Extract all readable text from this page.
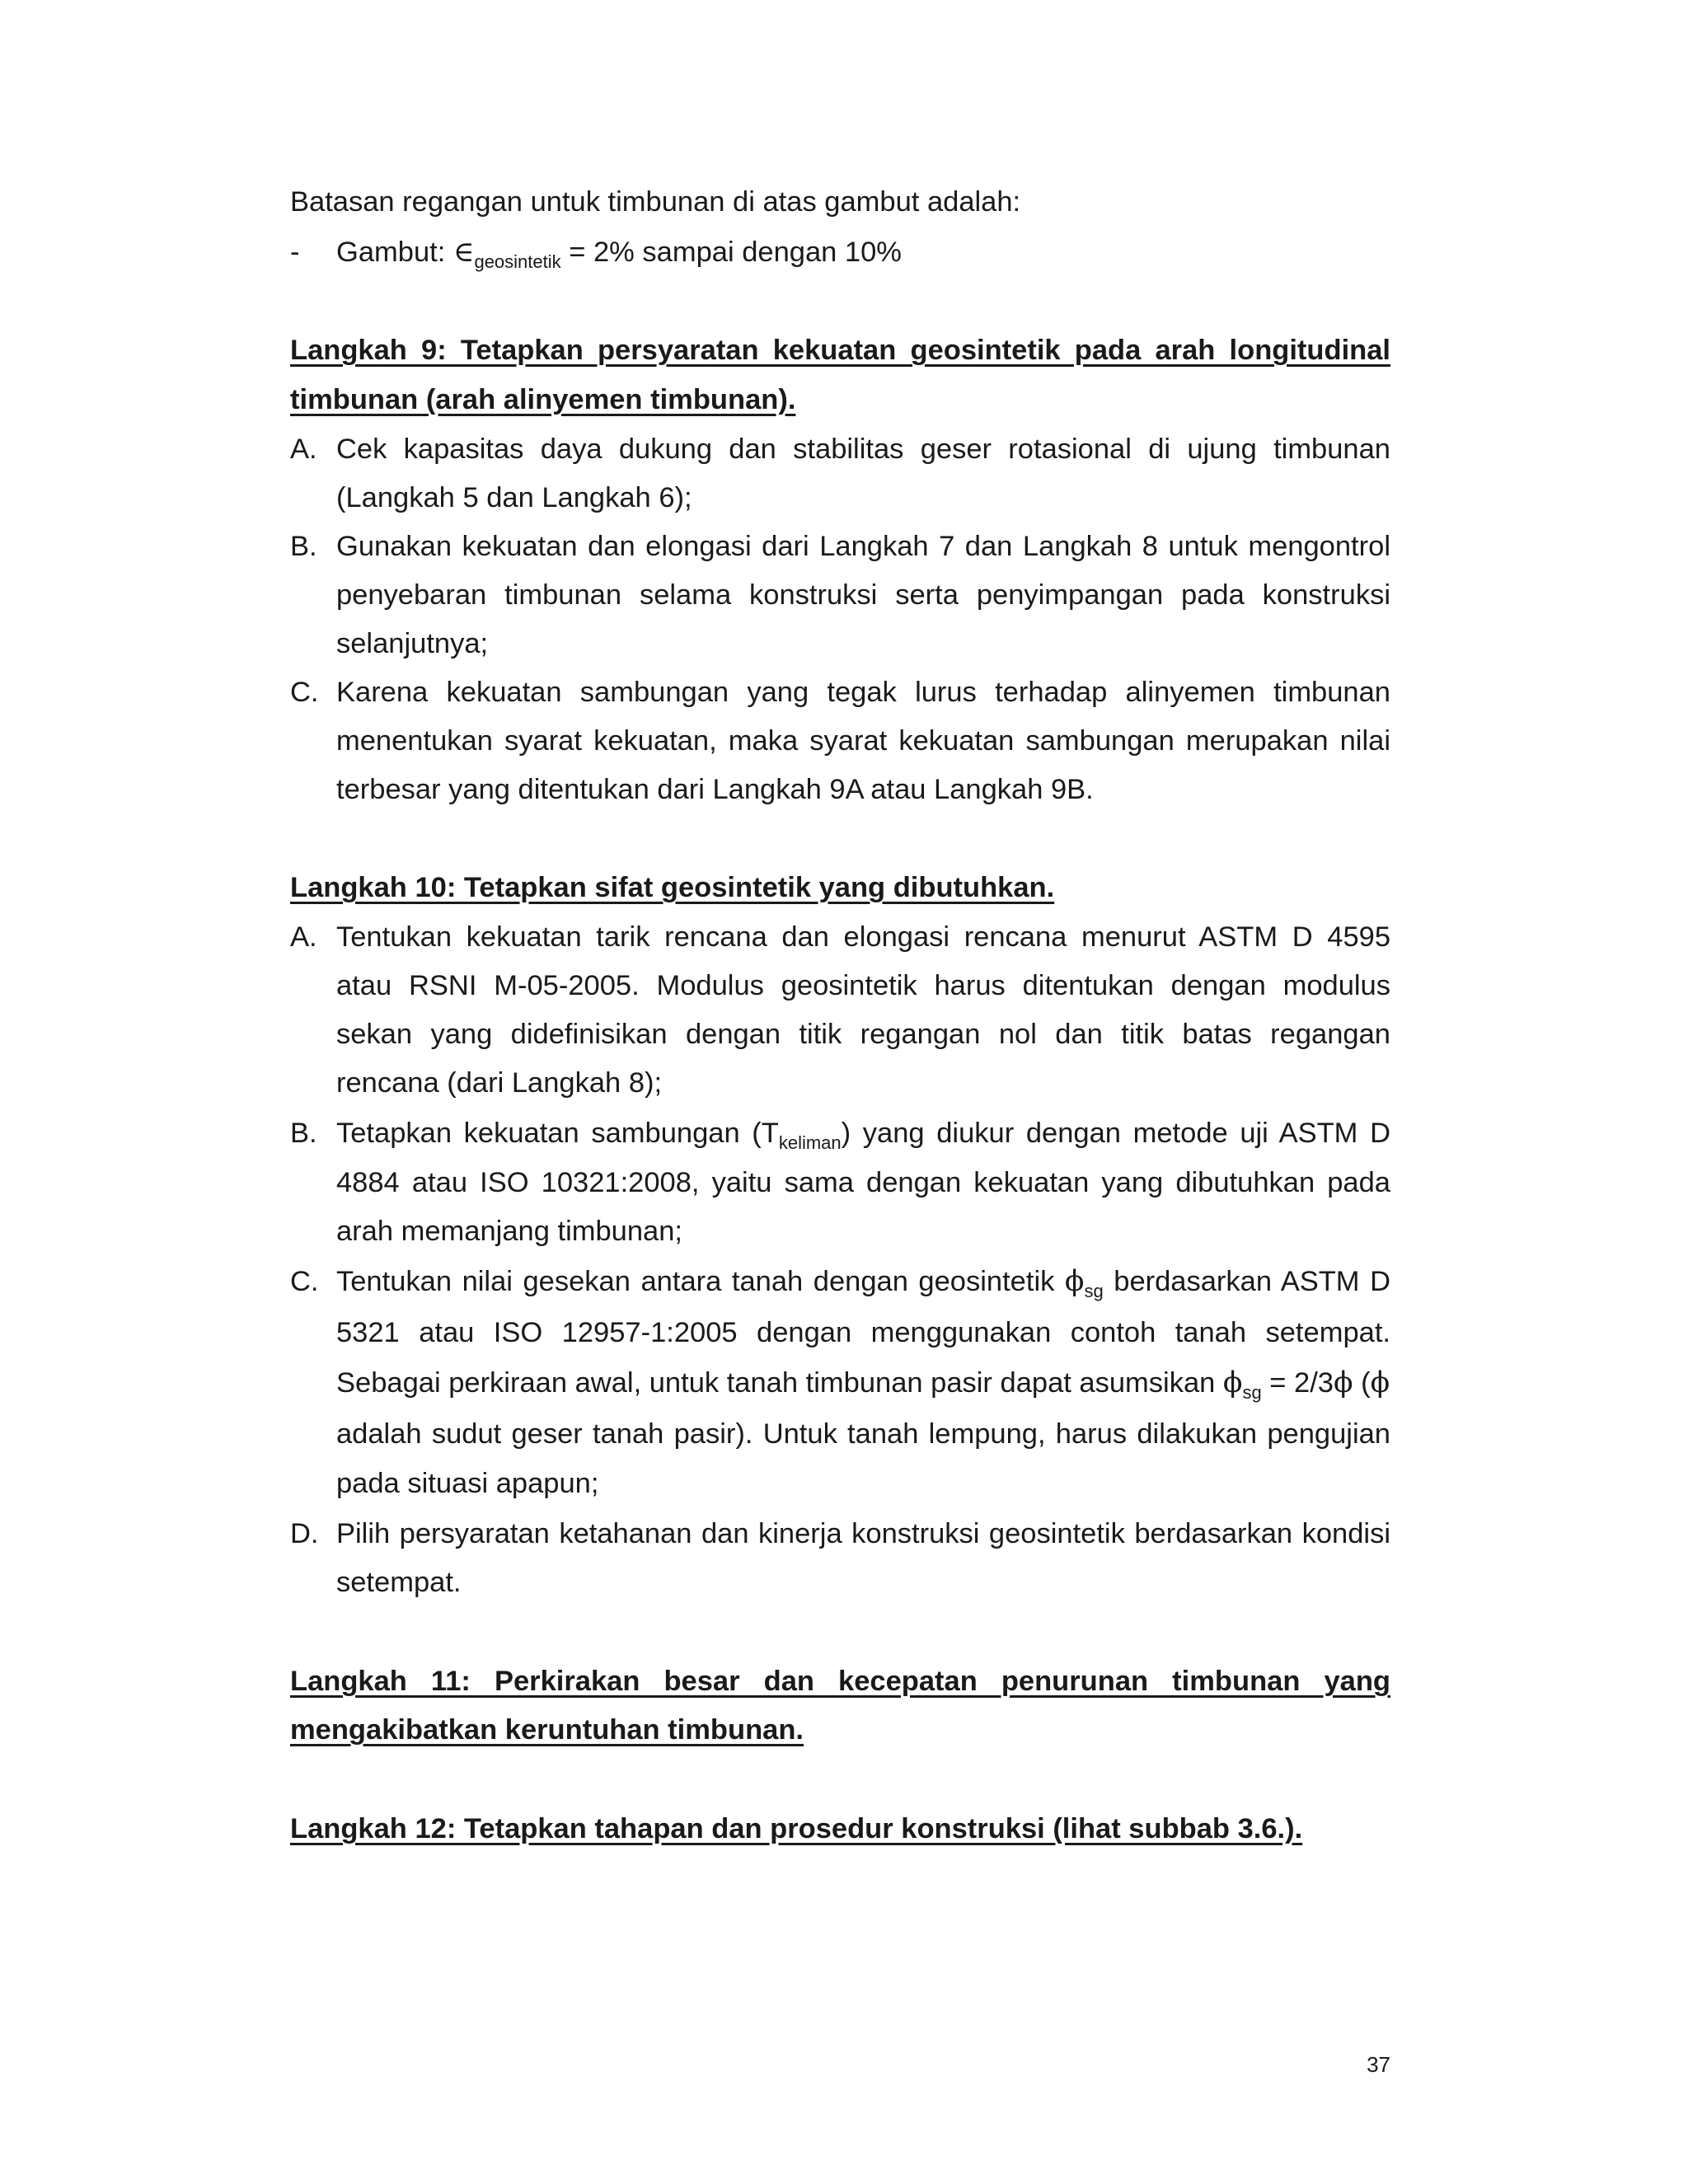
Batasan regangan untuk timbunan di atas gambut adalah:
- Gambut: $\in_{geosintetik} = 2\%$ sampai dengan 10%
Langkah 9: Tetapkan persyaratan kekuatan geosintetik pada arah longitudinal
timbunan (arah alinyemen timbunan).
A. Cek kapasitas daya dukung dan stabilitas geser rotasional di ujung timbunan
(Langkah 5 dan Langkah 6);
B. Gunakan kekuatan dan elongasi dari Langkah 7 dan Langkah 8 untuk mengontrol
penyebaran timbunan selama konstruksi serta penyimpangan pada konstruksi
selanjutnya;
C. Karena kekuatan sambungan yang tegak lurus terhadap alinyemen timbunan
menentukan syarat kekuatan, maka syarat kekuatan sambungan merupakan nilai
terbesar yang ditentukan dari Langkah 9A atau Langkah 9B.
Langkah 10: Tetapkan sifat geosintetik yang dibutuhkan.
A. Tentukan kekuatan tarik rencana dan elongasi rencana menurut ASTM D 4595
atau RSNI M-05-2005. Modulus geosintetik harus ditentukan dengan modulus
sekan yang didefinisikan dengan titik regangan nol dan titik batas regangan
rencana (dari Langkah 8);
B. Tetapkan kekuatan sambungan $(T_{keliman})$ yang diukur dengan metode uji ASTM D
4884 atau ISO 10321:2008, yaitu sama dengan kekuatan yang dibutuhkan pada
arah memanjang timbunan;
C. Tentukan nilai gesekan antara tanah dengan geosintetik $\phi_{sg}$ berdasarkan ASTM D
5321 atau ISO 12957-1:2005 dengan menggunakan contoh tanah setempat.
Sebagai perkiraan awal, untuk tanah timbunan pasir dapat asumsikan $\phi_{sg} = 2/3\phi$ (ϕ
adalah sudut geser tanah pasir). Untuk tanah lempung, harus dilakukan pengujian
pada situasi apapun;
D. Pilih persyaratan ketahanan dan kinerja konstruksi geosintetik berdasarkan kondisi
setempat.
Langkah 11: Perkirakan besar dan kecepatan penurunan timbunan yang
mengakibatkan keruntuhan timbunan.
Langkah 12: Tetapkan tahapan dan prosedur konstruksi (lihat subbab 3.6.).
37
